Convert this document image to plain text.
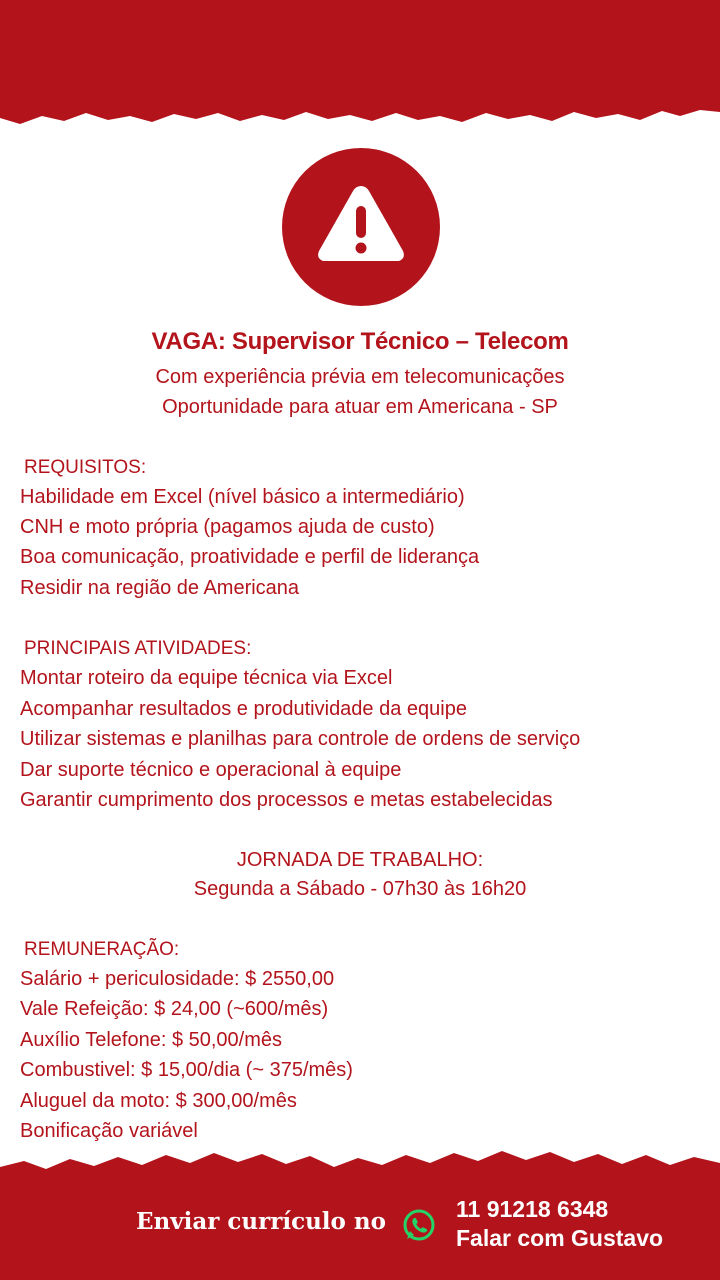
VAGA: Supervisor Técnico – Telecom
Com experiência prévia em telecomunicações
Oportunidade para atuar em Americana - SP
REQUISITOS:
Habilidade em Excel (nível básico a intermediário)
CNH e moto própria (pagamos ajuda de custo)
Boa comunicação, proatividade e perfil de liderança
Residir na região de Americana
PRINCIPAIS ATIVIDADES:
Montar roteiro da equipe técnica via Excel
Acompanhar resultados e produtividade da equipe
Utilizar sistemas e planilhas para controle de ordens de serviço
Dar suporte técnico e operacional à equipe
Garantir cumprimento dos processos e metas estabelecidas
JORNADA DE TRABALHO:
Segunda a Sábado - 07h30 às 16h20
REMUNERAÇÃO:
Salário + periculosidade: $ 2550,00
Vale Refeição: $ 24,00 (~600/mês)
Auxílio Telefone: $ 50,00/mês
Combustivel: $ 15,00/dia (~ 375/mês)
Aluguel da moto: $ 300,00/mês
Bonificação variável
Enviar currículo no	11 91218 6348
Falar com Gustavo
